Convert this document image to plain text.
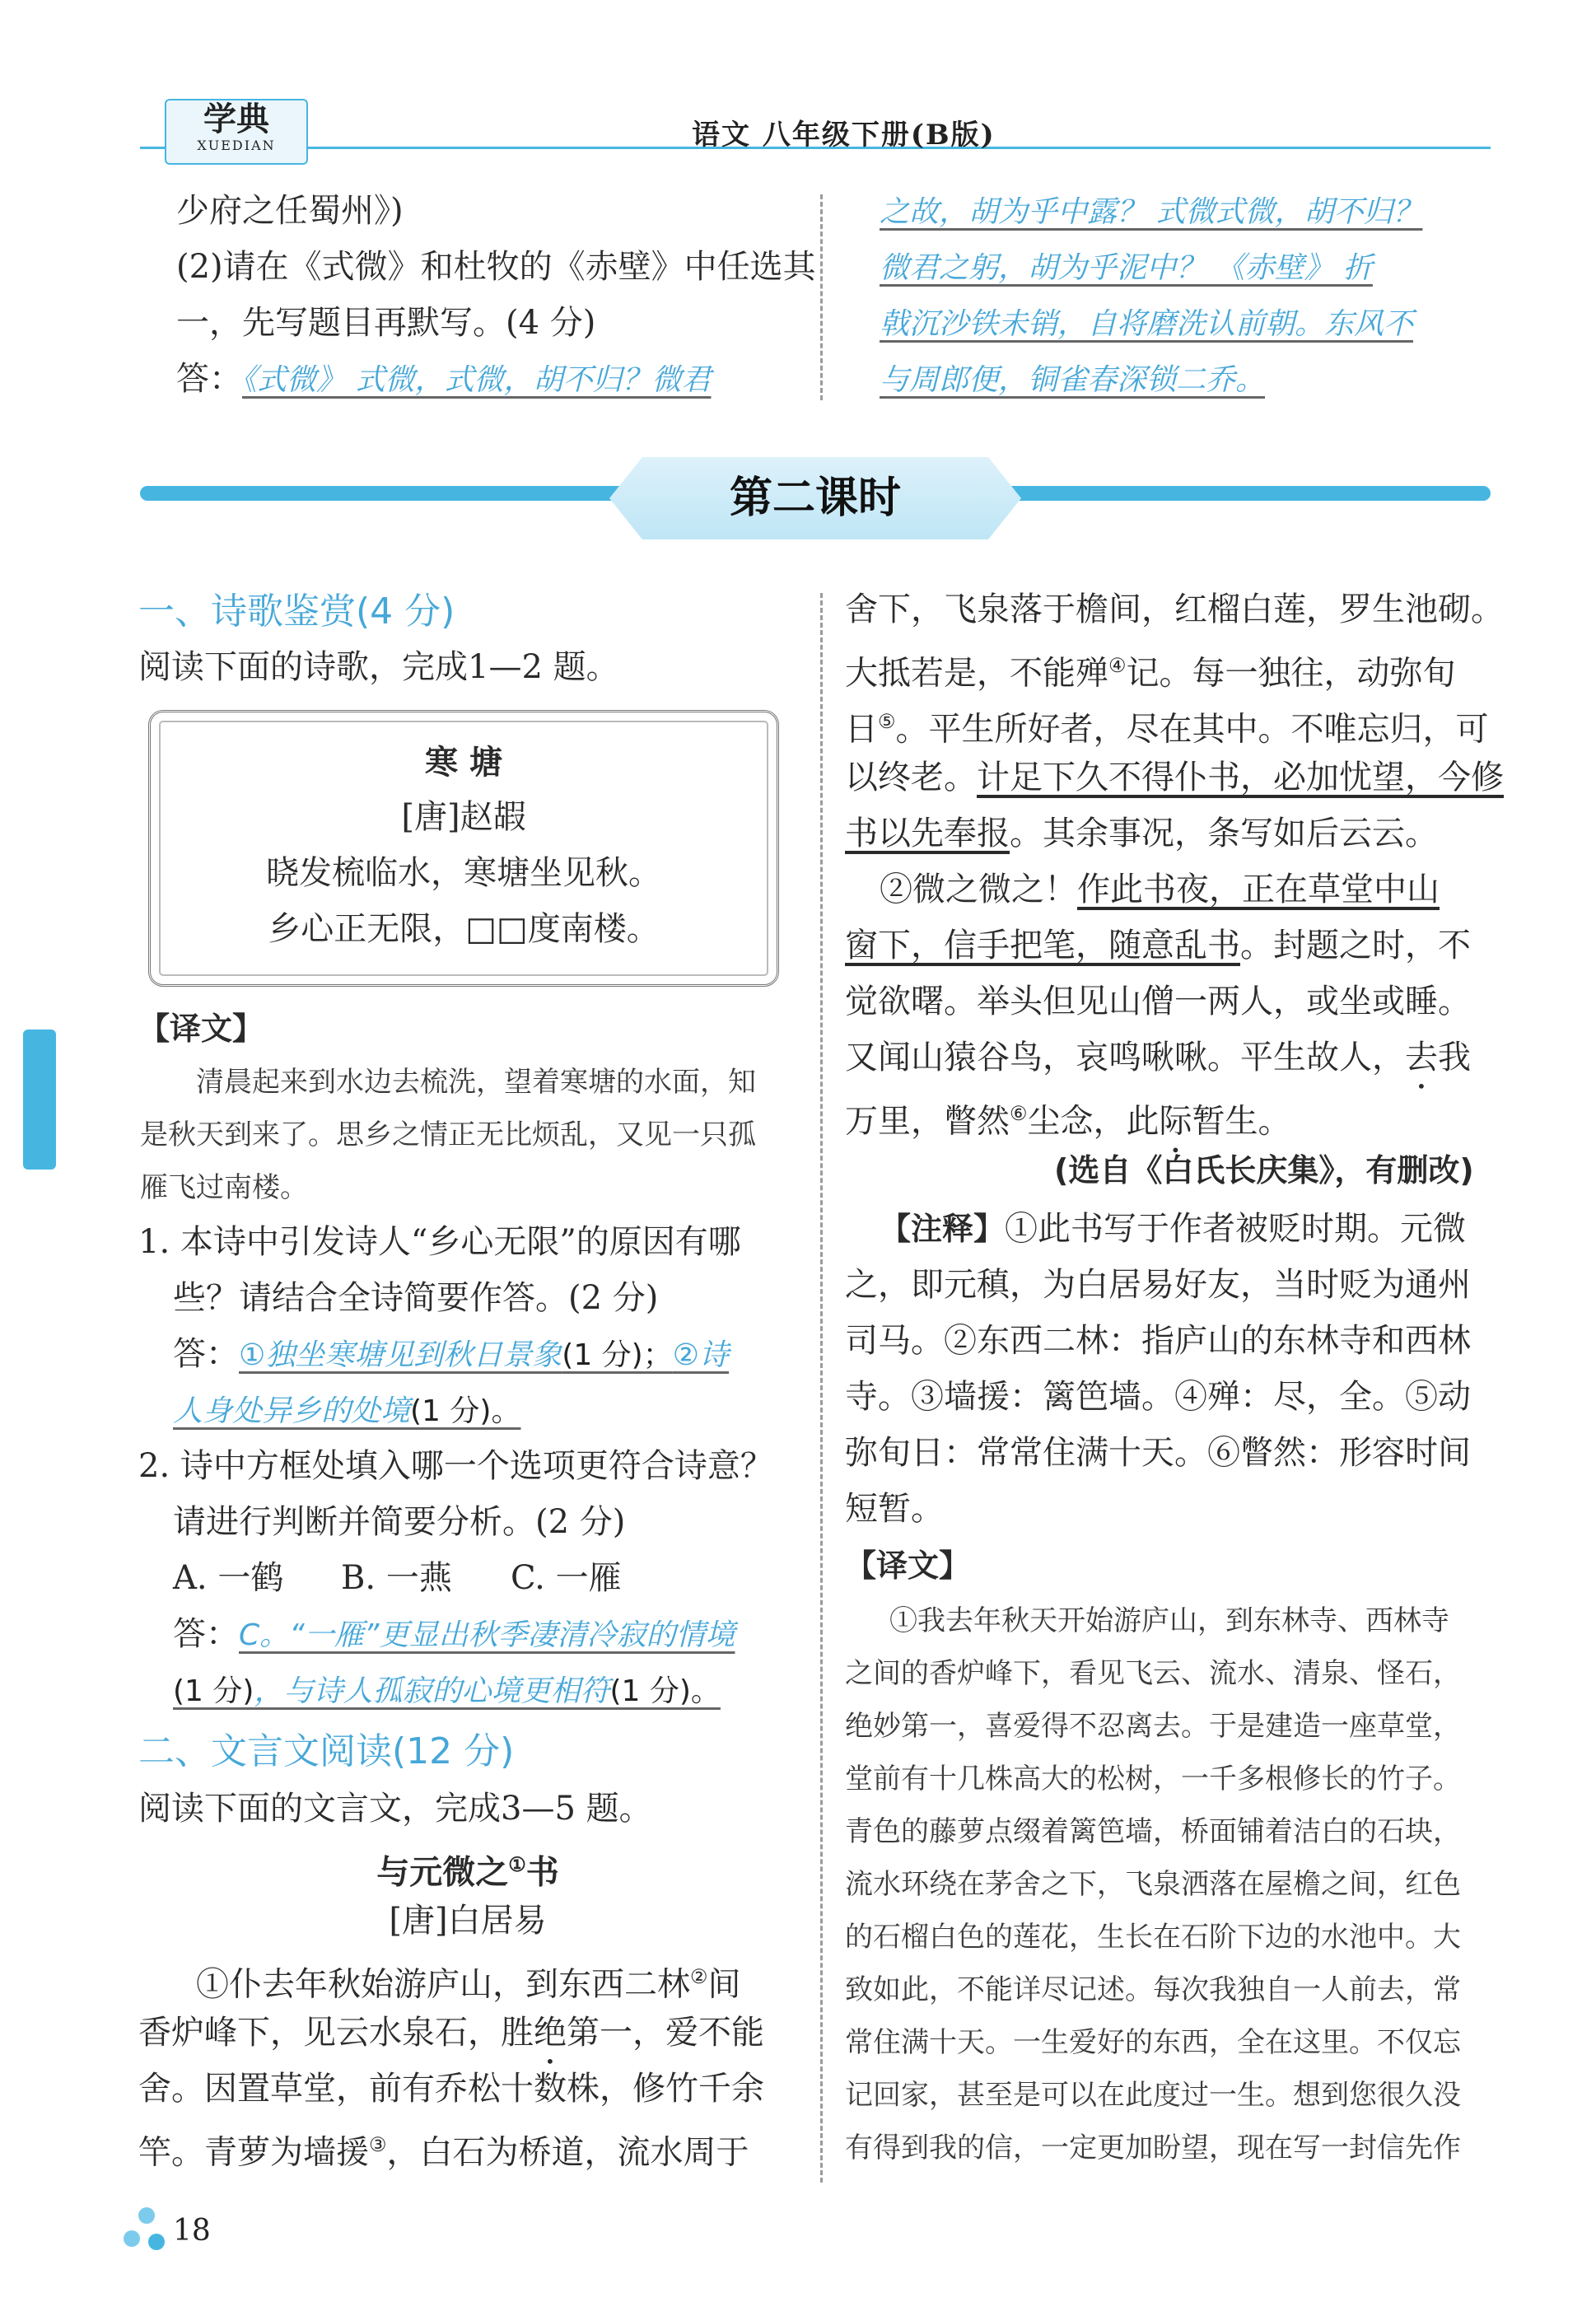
学典
XUEDIAN	语文 八年级下册(B版)
少府之任蜀州》)
(2)请在《式微》和杜牧的《赤壁》中任选其
一，先写题目再默写。(4 分)
答：《式微》 式微，式微，胡不归？微君
之故，胡为乎中露？ 式微式微，胡不归？
微君之躬，胡为乎泥中？ 《赤壁》 折
戟沉沙铁未销，自将磨洗认前朝。东风不
与周郎便，铜雀春深锁二乔。
第二课时
一、诗歌鉴赏(4 分)
阅读下面的诗歌，完成1—2 题。
寒 塘
[唐]赵嘏
晓发梳临水，寒塘坐见秋。
乡心正无限，□□度南楼。
【译文】
清晨起来到水边去梳洗，望着寒塘的水面，知
是秋天到来了。思乡之情正无比烦乱，又见一只孤
雁飞过南楼。
1. 本诗中引发诗人“乡心无限”的原因有哪
些？请结合全诗简要作答。(2 分)
答：①独坐寒塘见到秋日景象(1 分)；②诗
人身处异乡的处境(1 分)。
2. 诗中方框处填入哪一个选项更符合诗意？
请进行判断并简要分析。(2 分)
A. 一鹤 B. 一燕 C. 一雁
答：C。“一雁”更显出秋季凄清冷寂的情境
(1 分)，与诗人孤寂的心境更相符(1 分)。
二、文言文阅读(12 分)
阅读下面的文言文，完成3—5 题。
与元微之①书
[唐]白居易
①仆去年秋始游庐山，到东西二林②间
香炉峰下，见云水泉石，胜绝第一，爱不能
舍。因置草堂，前有乔松十数株，修竹千余
竿。青萝为墙援③，白石为桥道，流水周于
舍下，飞泉落于檐间，红榴白莲，罗生池砌。
大抵若是，不能殚④记。每一独往，动弥旬
日⑤。平生所好者，尽在其中。不唯忘归，可
以终老。计足下久不得仆书，必加忧望，今修
书以先奉报。其余事况，条写如后云云。
②微之微之！作此书夜，正在草堂中山
窗下，信手把笔，随意乱书。封题之时，不
觉欲曙。举头但见山僧一两人，或坐或睡。
又闻山猿谷鸟，哀鸣啾啾。平生故人，去我
万里，瞥然⑥尘念，此际暂生。
(选自《白氏长庆集》，有删改)
【注释】①此书写于作者被贬时期。元微
之，即元稹，为白居易好友，当时贬为通州
司马。②东西二林：指庐山的东林寺和西林
寺。③墙援：篱笆墙。④殚：尽，全。⑤动
弥旬日：常常住满十天。⑥瞥然：形容时间
短暂。
【译文】
①我去年秋天开始游庐山，到东林寺、西林寺
之间的香炉峰下，看见飞云、流水、清泉、怪石，
绝妙第一，喜爱得不忍离去。于是建造一座草堂，
堂前有十几株高大的松树，一千多根修长的竹子。
青色的藤萝点缀着篱笆墙，桥面铺着洁白的石块，
流水环绕在茅舍之下，飞泉洒落在屋檐之间，红色
的石榴白色的莲花，生长在石阶下边的水池中。大
致如此，不能详尽记述。每次我独自一人前去，常
常住满十天。一生爱好的东西，全在这里。不仅忘
记回家，甚至是可以在此度过一生。想到您很久没
有得到我的信，一定更加盼望，现在写一封信先作
18
